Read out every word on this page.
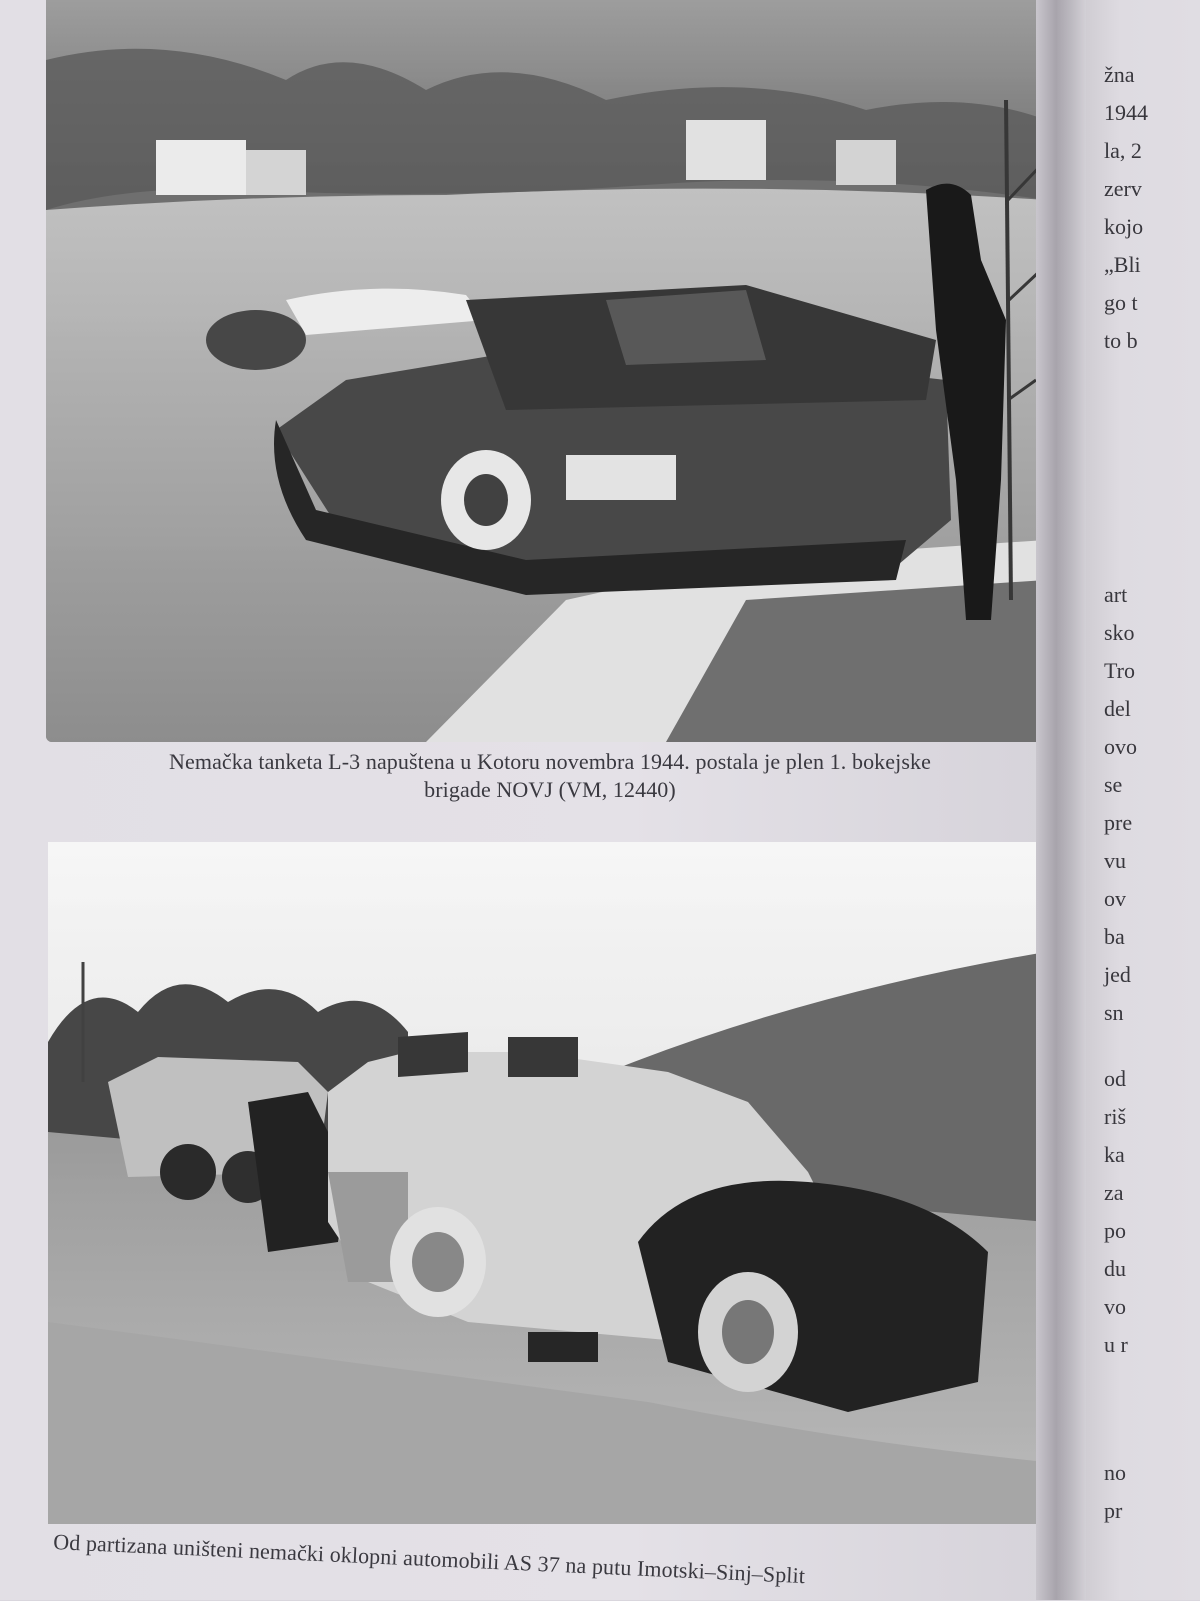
Nemačka tanketa L-3 napuštena u Kotoru novembra 1944. postala je plen 1. bokejske
brigade NOVJ (VM, 12440)
Od partizana uništeni nemački oklopni automobili AS 37 na putu Imotski–Sinj–Split
žna
1944
la, 2
zerv
kojo
„Bli
go t
to b
art
sko
Tro
del
ovo
se
pre
vu
ov
ba
jed
sn
od
riš
ka
za
po
du
vo
u r
no
pr
